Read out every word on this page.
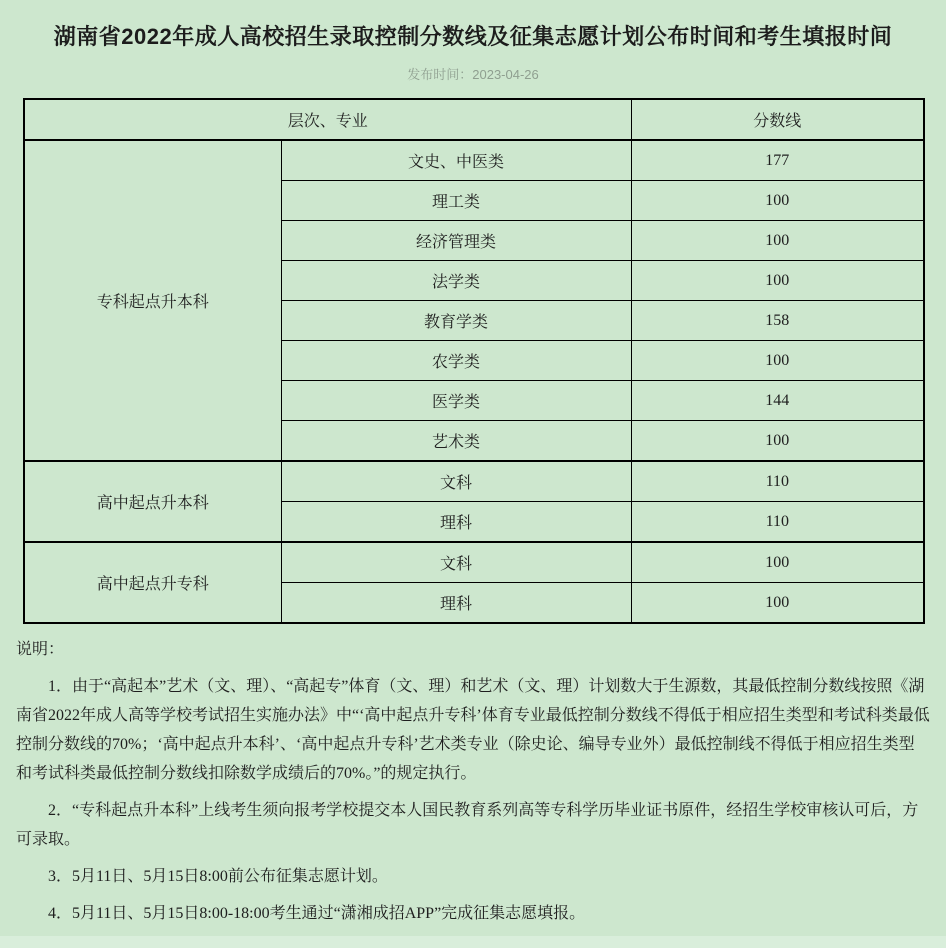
湖南省2022年成人高校招生录取控制分数线及征集志愿计划公布时间和考生填报时间
发布时间：2023-04-26
层次、专业		分数线
专科起点升本科	文史、中医类	177
	理工类	100
	经济管理类	100
	法学类	100
	教育学类	158
	农学类	100
	医学类	144
	艺术类	100
高中起点升本科	文科	110
	理科	110
高中起点升专科	文科	100
	理科	100

说明：

1．由于“高起本”艺术（文、理）、“高起专”体育（文、理）和艺术（文、理）计划数大于生源数，其最低控制分数线按照《湖南省2022年成人高等学校考试招生实施办法》中“‘高中起点升专科’体育专业最低控制分数线不得低于相应招生类型和考试科类最低控制分数线的70%；‘高中起点升本科’、‘高中起点升专科’艺术类专业（除史论、编导专业外）最低控制线不得低于相应招生类型和考试科类最低控制分数线扣除数学成绩后的70%。”的规定执行。

2．“专科起点升本科”上线考生须向报考学校提交本人国民教育系列高等专科学历毕业证书原件，经招生学校审核认可后，方可录取。

3．5月11日、5月15日8:00前公布征集志愿计划。

4．5月11日、5月15日8:00-18:00考生通过“潇湘成招APP”完成征集志愿填报。
